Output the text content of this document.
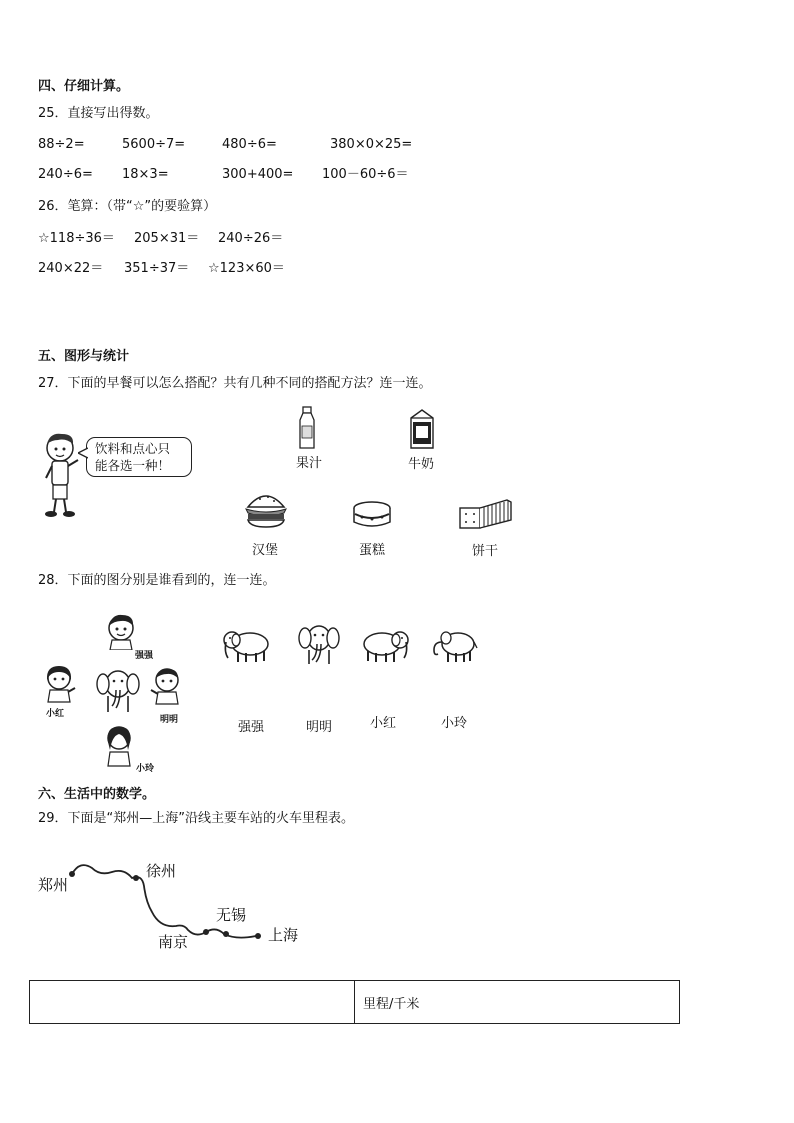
四、仔细计算。
25．直接写出得数。
88÷2=	5600÷7=	480÷6=	380×0×25=
240÷6= 18×3=	300+400= 100－60÷6＝
26．笔算：（带“☆”的要验算）
☆118÷36＝ 205×31＝ 240÷26＝
240×22＝ 351÷37＝ ☆123×60＝
五、图形与统计
27．下面的早餐可以怎么搭配？共有几种不同的搭配方法？连一连。
饮料和点心只
能各选一种！	果汁	牛奶
汉堡	蛋糕	饼干
28．下面的图分别是谁看到的，连一连。
强强
小红
明明
小玲
强强	明明	小红	小玲
六、生活中的数学。
29．下面是“郑州—上海”沿线主要车站的火车里程表。
郑州
徐州
南京
无锡
上海
	里程/千米
